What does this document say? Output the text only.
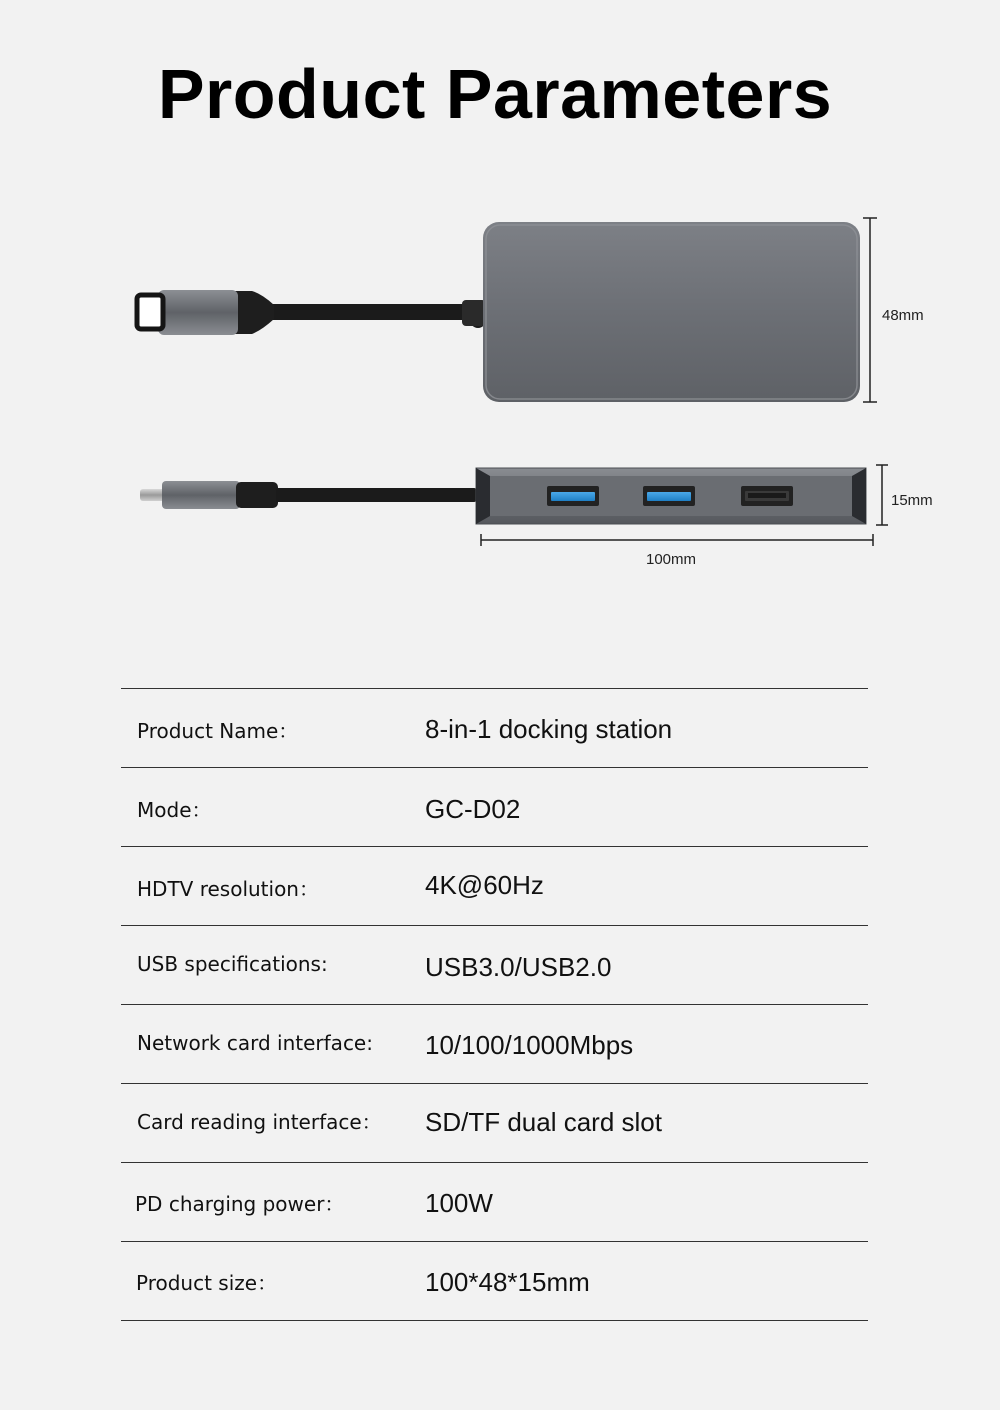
Product Parameters
48mm
15mm
100mm
Product Name：	8-in-1 docking station
Mode：	GC-D02
HDTV resolution：	4K@60Hz
USB specifications:	USB3.0/USB2.0
Network card interface: 10/100/1000Mbps
Card reading interface： SD/TF dual card slot
PD charging power：	100W
Product size：	100*48*15mm
